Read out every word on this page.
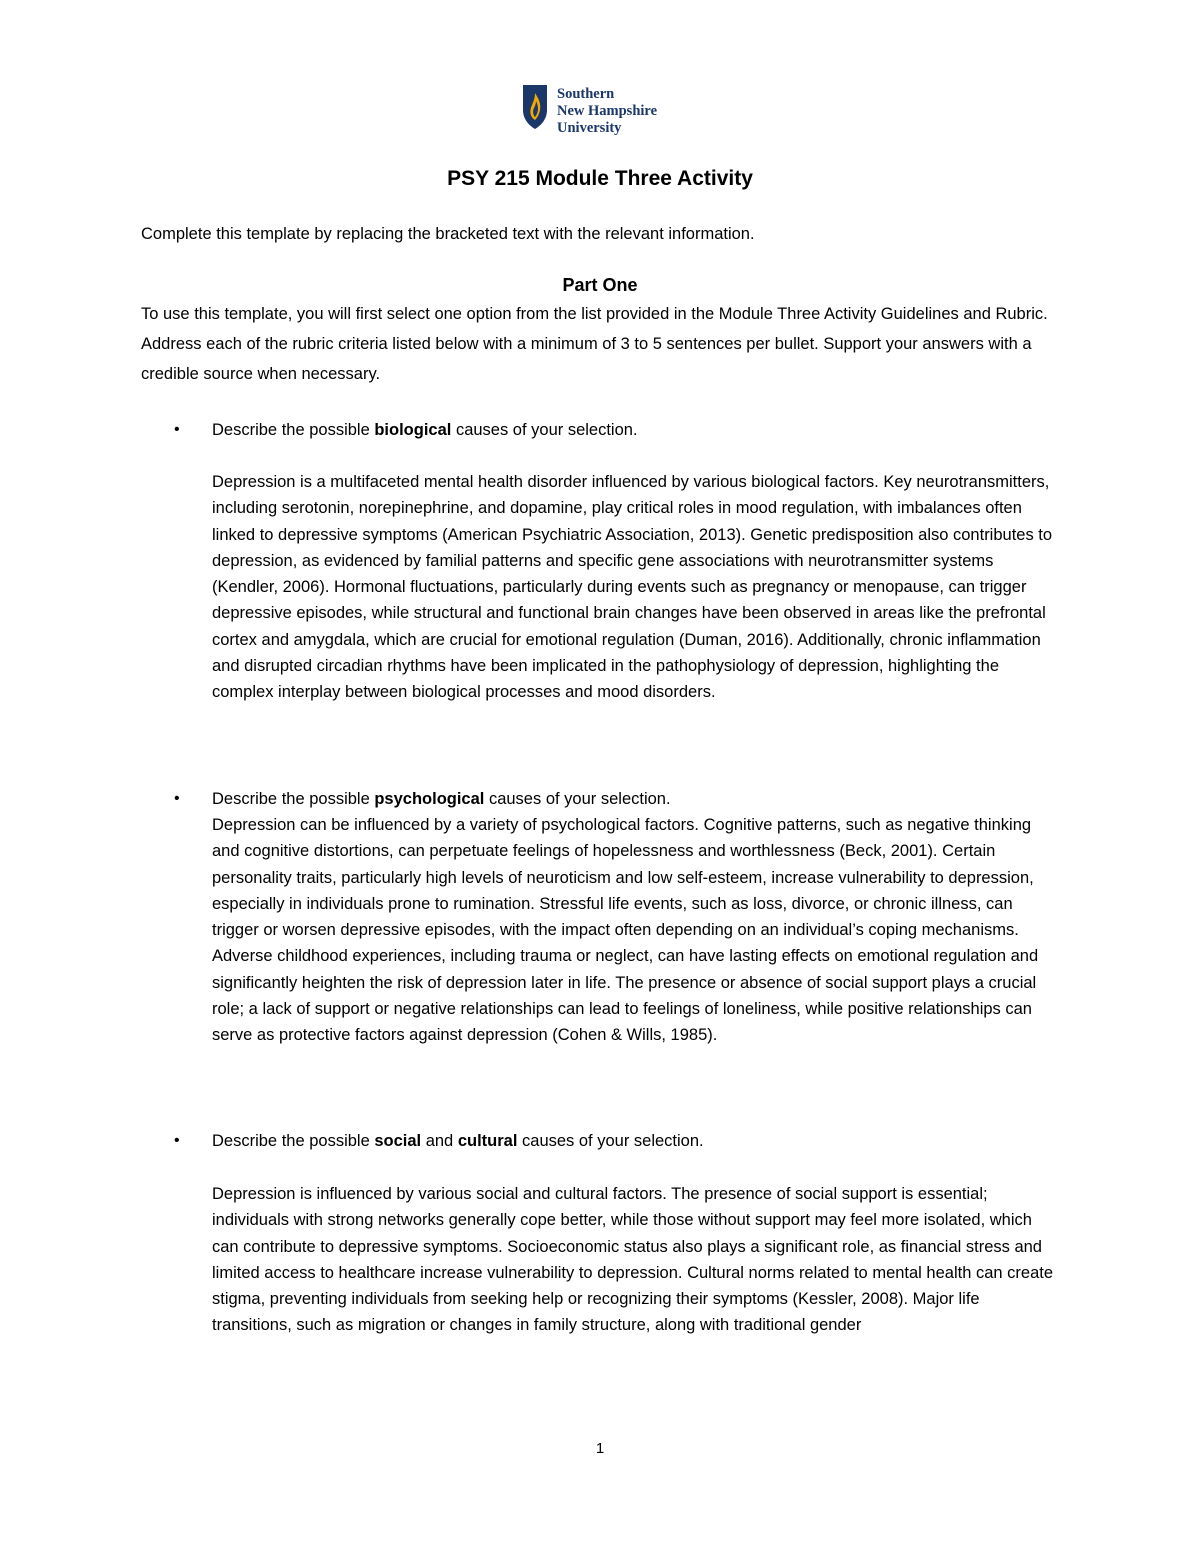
Southern
New Hampshire
University
PSY 215 Module Three Activity
Complete this template by replacing the bracketed text with the relevant information.
Part One
To use this template, you will first select one option from the list provided in the Module Three Activity Guidelines and Rubric. Address each of the rubric criteria listed below with a minimum of 3 to 5 sentences per bullet. Support your answers with a credible source when necessary.
• Describe the possible biological causes of your selection.
Depression is a multifaceted mental health disorder influenced by various biological factors. Key neurotransmitters, including serotonin, norepinephrine, and dopamine, play critical roles in mood regulation, with imbalances often linked to depressive symptoms (American Psychiatric Association, 2013). Genetic predisposition also contributes to depression, as evidenced by familial patterns and specific gene associations with neurotransmitter systems (Kendler, 2006). Hormonal fluctuations, particularly during events such as pregnancy or menopause, can trigger depressive episodes, while structural and functional brain changes have been observed in areas like the prefrontal cortex and amygdala, which are crucial for emotional regulation (Duman, 2016). Additionally, chronic inflammation and disrupted circadian rhythms have been implicated in the pathophysiology of depression, highlighting the complex interplay between biological processes and mood disorders.
• Describe the possible psychological causes of your selection.
Depression can be influenced by a variety of psychological factors. Cognitive patterns, such as negative thinking and cognitive distortions, can perpetuate feelings of hopelessness and worthlessness (Beck, 2001). Certain personality traits, particularly high levels of neuroticism and low self-esteem, increase vulnerability to depression, especially in individuals prone to rumination. Stressful life events, such as loss, divorce, or chronic illness, can trigger or worsen depressive episodes, with the impact often depending on an individual’s coping mechanisms. Adverse childhood experiences, including trauma or neglect, can have lasting effects on emotional regulation and significantly heighten the risk of depression later in life. The presence or absence of social support plays a crucial role; a lack of support or negative relationships can lead to feelings of loneliness, while positive relationships can serve as protective factors against depression (Cohen & Wills, 1985).
• Describe the possible social and cultural causes of your selection.
Depression is influenced by various social and cultural factors. The presence of social support is essential; individuals with strong networks generally cope better, while those without support may feel more isolated, which can contribute to depressive symptoms. Socioeconomic status also plays a significant role, as financial stress and limited access to healthcare increase vulnerability to depression. Cultural norms related to mental health can create stigma, preventing individuals from seeking help or recognizing their symptoms (Kessler, 2008). Major life transitions, such as migration or changes in family structure, along with traditional gender
1
